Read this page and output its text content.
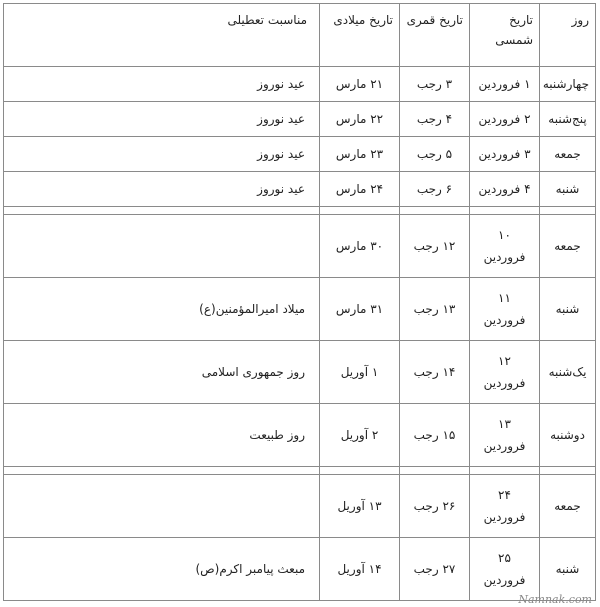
روز	تاریخ شمسی	تاریخ قمری	تاریخ میلادی	مناسبت تعطیلی
چهارشنبه	۱ فروردین	۳ رجب	۲۱ مارس	عید نوروز
پنج‌شنبه	۲ فروردین	۴ رجب	۲۲ مارس	عید نوروز
جمعه	۳ فروردین	۵ رجب	۲۳ مارس	عید نوروز
شنبه	۴ فروردین	۶ رجب	۲۴ مارس	عید نوروز

جمعه	۱۰ فروردین	۱۲ رجب	۳۰ مارس	
شنبه	۱۱ فروردین	۱۳ رجب	۳۱ مارس	میلاد امیرالمؤمنین(ع)
یک‌شنبه	۱۲ فروردین	۱۴ رجب	۱ آوریل	روز جمهوری اسلامی
دوشنبه	۱۳ فروردین	۱۵ رجب	۲ آوریل	روز طبیعت

جمعه	۲۴ فروردین	۲۶ رجب	۱۳ آوریل	
شنبه	۲۵ فروردین	۲۷ رجب	۱۴ آوریل	مبعث پیامبر اکرم(ص)
Namnak.com
